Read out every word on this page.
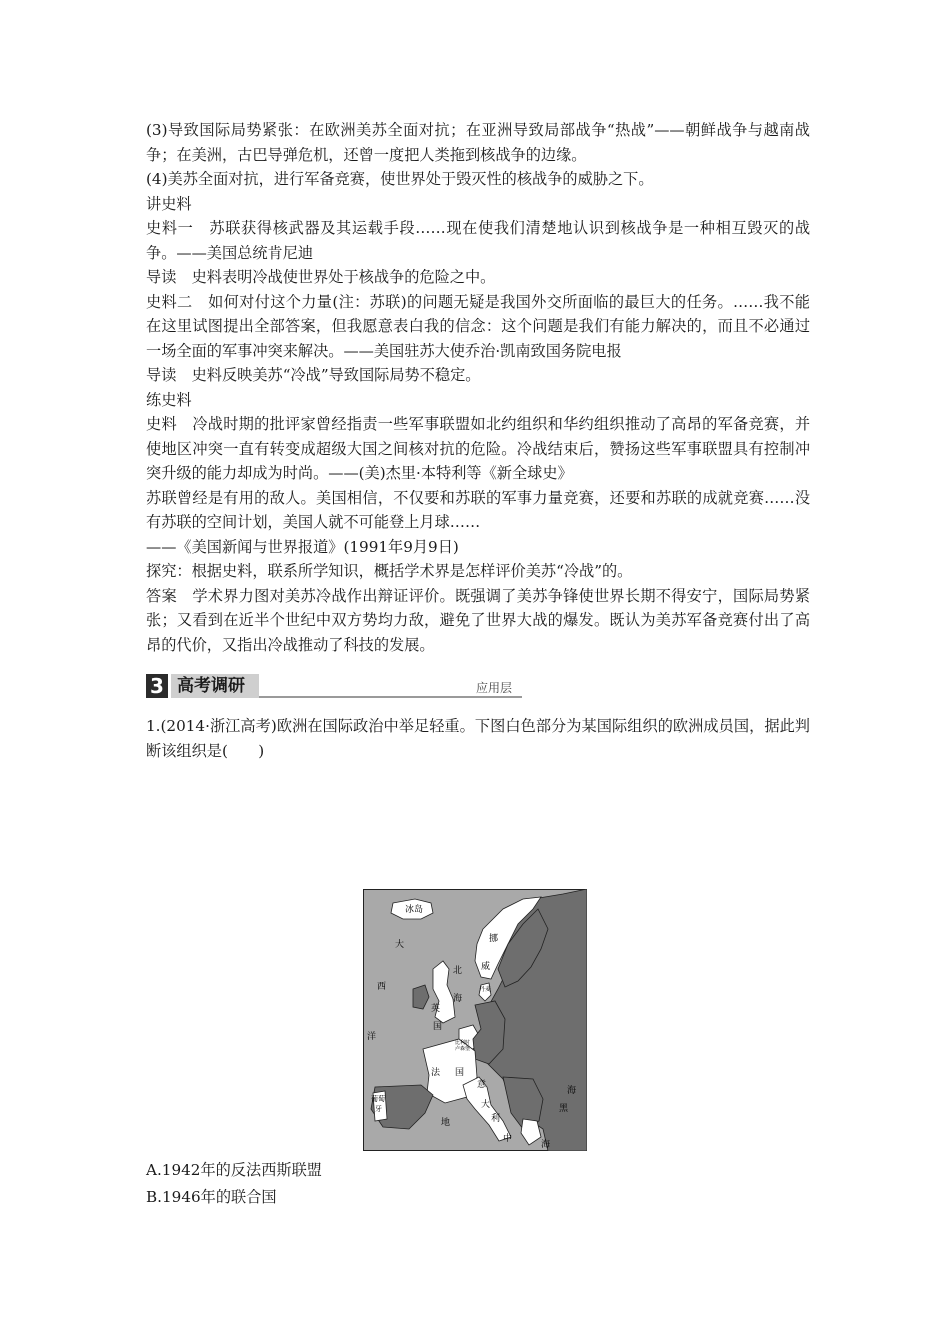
(3)导致国际局势紧张：在欧洲美苏全面对抗；在亚洲导致局部战争“热战”——朝鲜战争与越南战争；在美洲，古巴导弹危机，还曾一度把人类拖到核战争的边缘。

(4)美苏全面对抗，进行军备竞赛，使世界处于毁灭性的核战争的威胁之下。

讲史料

史料一　苏联获得核武器及其运载手段……现在使我们清楚地认识到核战争是一种相互毁灭的战争。——美国总统肯尼迪

导读　史料表明冷战使世界处于核战争的危险之中。

史料二　如何对付这个力量(注：苏联)的问题无疑是我国外交所面临的最巨大的任务。……我不能在这里试图提出全部答案，但我愿意表白我的信念：这个问题是我们有能力解决的，而且不必通过一场全面的军事冲突来解决。——美国驻苏大使乔治·凯南致国务院电报

导读　史料反映美苏“冷战”导致国际局势不稳定。

练史料

史料　冷战时期的批评家曾经指责一些军事联盟如北约组织和华约组织推动了高昂的军备竞赛，并使地区冲突一直有转变成超级大国之间核对抗的危险。冷战结束后，赞扬这些军事联盟具有控制冲突升级的能力却成为时尚。——(美)杰里·本特利等《新全球史》

苏联曾经是有用的敌人。美国相信，不仅要和苏联的军事力量竞赛，还要和苏联的成就竞赛……没有苏联的空间计划，美国人就不可能登上月球……

——《美国新闻与世界报道》(1991年9月9日)

探究：根据史料，联系所学知识，概括学术界是怎样评价美苏“冷战”的。

答案　学术界力图对美苏冷战作出辩证评价。既强调了美苏争锋使世界长期不得安宁，国际局势紧张；又看到在近半个世纪中双方势均力敌，避免了世界大战的爆发。既认为美苏军备竞赛付出了高昂的代价，又指出冷战推动了科技的发展。

3 高考调研	应用层

1.(2014·浙江高考)欧洲在国际政治中举足轻重。下图白色部分为某国际组织的欧洲成员国，据此判断该组织是(　　)

冰岛
大
西
洋
挪
威
北
海
丹 麦
英
国
比利时
卢森堡
法 国
意
大
利
葡萄
牙
地
中
海
海
黑
A.1942年的反法西斯联盟
B.1946年的联合国
